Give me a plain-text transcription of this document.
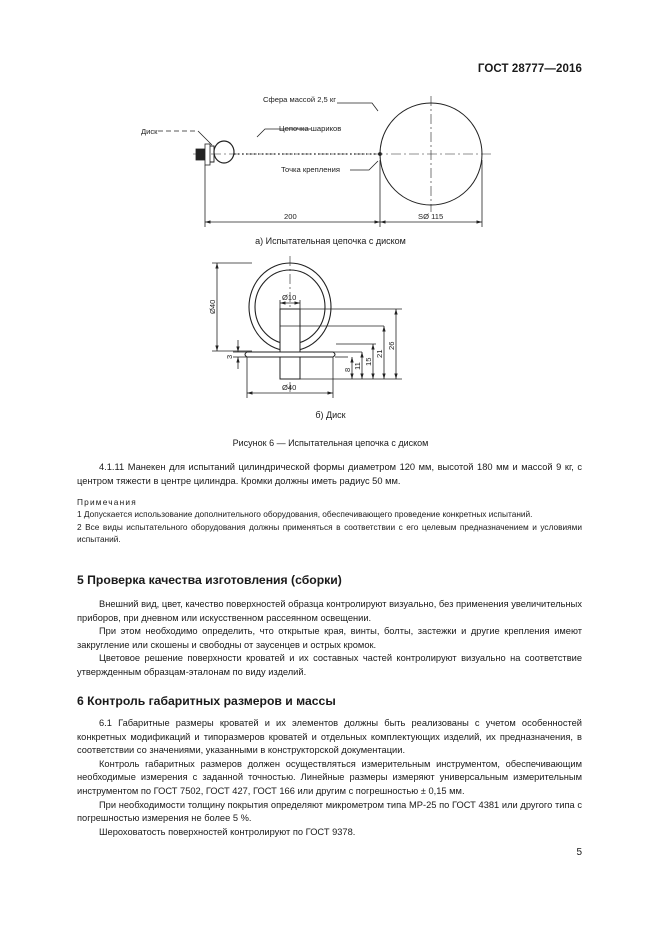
ГОСТ 28777—2016
Сфера массой 2,5 кг
Диск	Цепочка шариков
Точка крепления
200	SØ 115
Ø40
Ø10
Ø40
3
8 11
15
21
26
а) Испытательная цепочка с диском
б) Диск
Рисунок 6 — Испытательная цепочка с диском

4.1.11 Манекен для испытаний цилиндрической формы диаметром 120 мм, высотой 180 мм и массой 9 кг, с центром тяжести в центре цилиндра. Кромки должны иметь радиус 50 мм.

Примечания

1 Допускается использование дополнительного оборудования, обеспечивающего проведение конкретных испытаний.

2 Все виды испытательного оборудования должны применяться в соответствии с его целевым предназначением и условиями испытаний.

5 Проверка качества изготовления (сборки)

Внешний вид, цвет, качество поверхностей образца контролируют визуально, без применения увеличительных приборов, при дневном или искусственном рассеянном освещении.

При этом необходимо определить, что открытые края, винты, болты, застежки и другие крепления имеют закругление или скошены и свободны от заусенцев и острых кромок.

Цветовое решение поверхности кроватей и их составных частей контролируют визуально на соответствие утвержденным образцам-эталонам по виду изделий.

6 Контроль габаритных размеров и массы

6.1 Габаритные размеры кроватей и их элементов должны быть реализованы с учетом особенностей конкретных модификаций и типоразмеров кроватей и отдельных комплектующих изделий, их предназначения, в соответствии со значениями, указанными в конструкторской документации.

Контроль габаритных размеров должен осуществляться измерительным инструментом, обеспечивающим необходимые измерения с заданной точностью. Линейные размеры измеряют универсальным измерительным инструментом по ГОСТ 7502, ГОСТ 427, ГОСТ 166 или другим с погрешностью ± 0,15 мм.

При необходимости толщину покрытия определяют микрометром типа МР-25 по ГОСТ 4381 или другого типа с погрешностью измерения не более 5 %.

Шероховатость поверхностей контролируют по ГОСТ 9378.

5
